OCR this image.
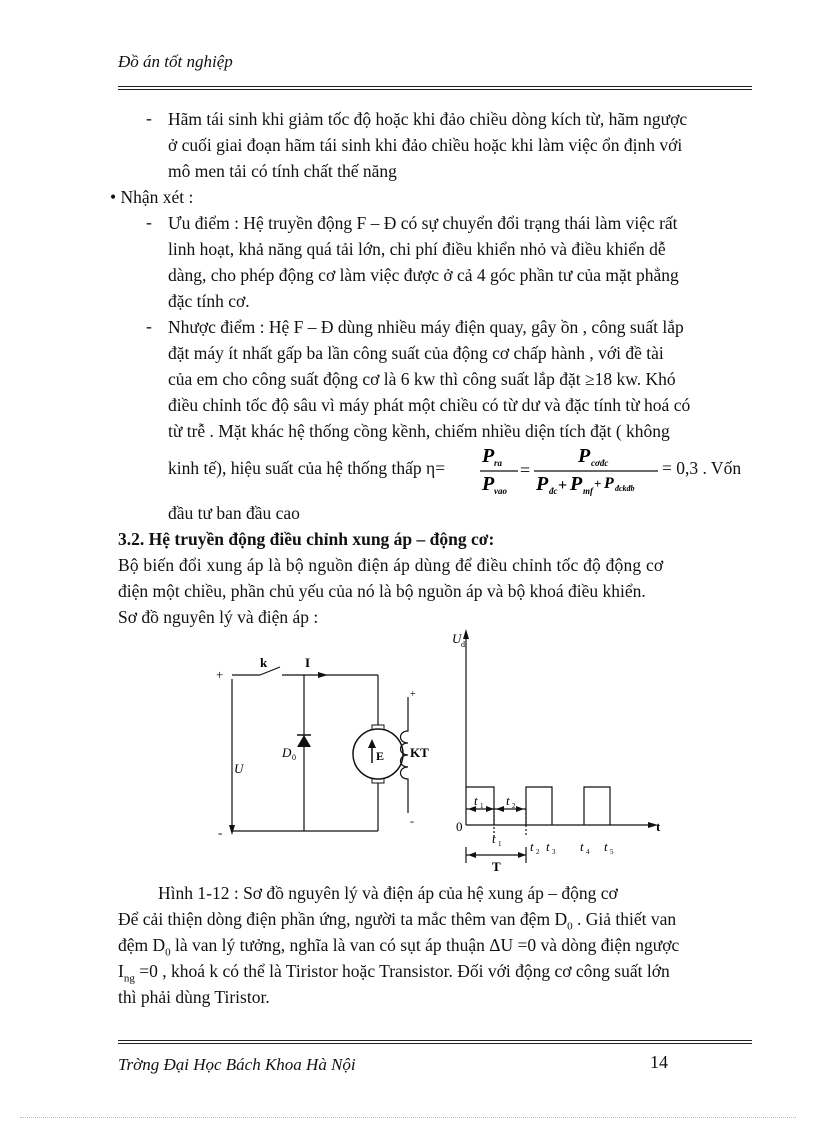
Đồ án tốt nghiệp
- Hãm tái sinh khi giảm tốc độ hoặc khi đảo chiều dòng kích từ, hãm ngược
ở cuối giai đoạn hãm tái sinh khi đảo chiều hoặc khi làm việc ổn định với
mô men tải có tính chất thế năng
• Nhận xét :
- Ưu điểm : Hệ truyền động F – Đ có sự chuyển đổi trạng thái làm việc rất
linh hoạt, khả năng quá tải lớn, chi phí điều khiển nhỏ và điều khiển dễ
dàng, cho phép động cơ làm việc được ở cả 4 góc phần tư của mặt phẳng
đặc tính cơ.
- Nhược điểm : Hệ F – Đ dùng nhiều máy điện quay, gây ồn , công suất lắp
đặt máy ít nhất gấp ba lần công suất của động cơ chấp hành , với đề tài
của em cho công suất động cơ là 6 kw thì công suất lắp đặt ≥18 kw. Khó
điều chỉnh tốc độ sâu vì máy phát một chiều có từ dư và đặc tính từ hoá có
từ trễ . Mặt khác hệ thống cồng kềnh, chiếm nhiều diện tích đặt ( không
kinh tế), hiệu suất của hệ thống thấp η=
P ra
P vao
=
P cơđc
P đc + P mf + P đckđb
= 0,3 . Vốn
đầu tư ban đầu cao
3.2. Hệ truyền động điều chỉnh xung áp – động cơ:
Bộ biến đổi xung áp là bộ nguồn điện áp dùng để điều chỉnh tốc độ động cơ
điện một chiều, phần chủ yếu của nó là bộ nguồn áp và bộ khoá điều khiển.
Sơ đồ nguyên lý và điện áp :
+
-
k	I
U
D 0	E KT
+
-
U d
0	t
t 1 t 2
t 1 t 2 t 3 t 4 t 5
T
Hình 1-12 : Sơ đồ nguyên lý và điện áp của hệ xung áp – động cơ
Để cải thiện dòng điện phần ứng, người ta mắc thêm van đệm $D_0$ . Giả thiết van
đệm $D_0$ là van lý tưởng, nghĩa là van có sụt áp thuận ΔU =0 và dòng điện ngược
$I_{ng} =0$ , khoá k có thể là Tiristor hoặc Transistor. Đối với động cơ công suất lớn
thì phải dùng Tiristor.
Trờng Đại Học Bách Khoa Hà Nội	14
